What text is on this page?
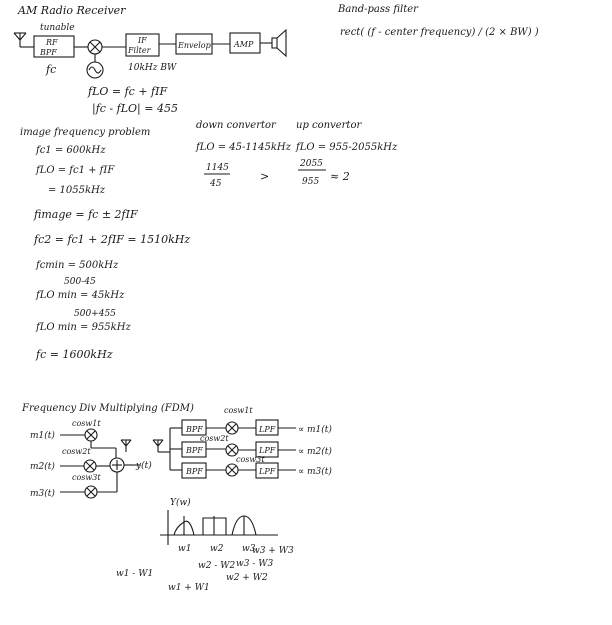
AM Radio Receiver
tunable
RF
BPF
fc
IF
Filter
10kHz BW
Envelop	AMP
fLO = fc + fIF
|fc - fLO| = 455
Band-pass filter
rect( (f - center frequency) / (2 × BW) )
image frequency problem
fc1 = 600kHz
fLO = fc1 + fIF
= 1055kHz
fimage = fc ± 2fIF
fc2 = fc1 + 2fIF = 1510kHz
fcmin = 500kHz
500-45
fLO min = 45kHz
500+455
fLO min = 955kHz
fc = 1600kHz
down convertor up convertor
fLO = 45-1145kHz fLO = 955-2055kHz
1145
45
>
2055
955 ≈ 2
Frequency Div Multiplying (FDM)
cosw1t
m1(t)
cosw2t
m2(t)	y(t)
cosw3t
m3(t)
BPF
cosw1t
LPF	∝ m1(t)
BPF
cosw2t
LPF	∝ m2(t)
BPF
cosw3t
LPF	∝ m3(t)
Y(w)
w1 w2 w3
w1 - W1
w1 + W1
w2 - W2
w2 + W2
w3 - W3
w3 + W3
